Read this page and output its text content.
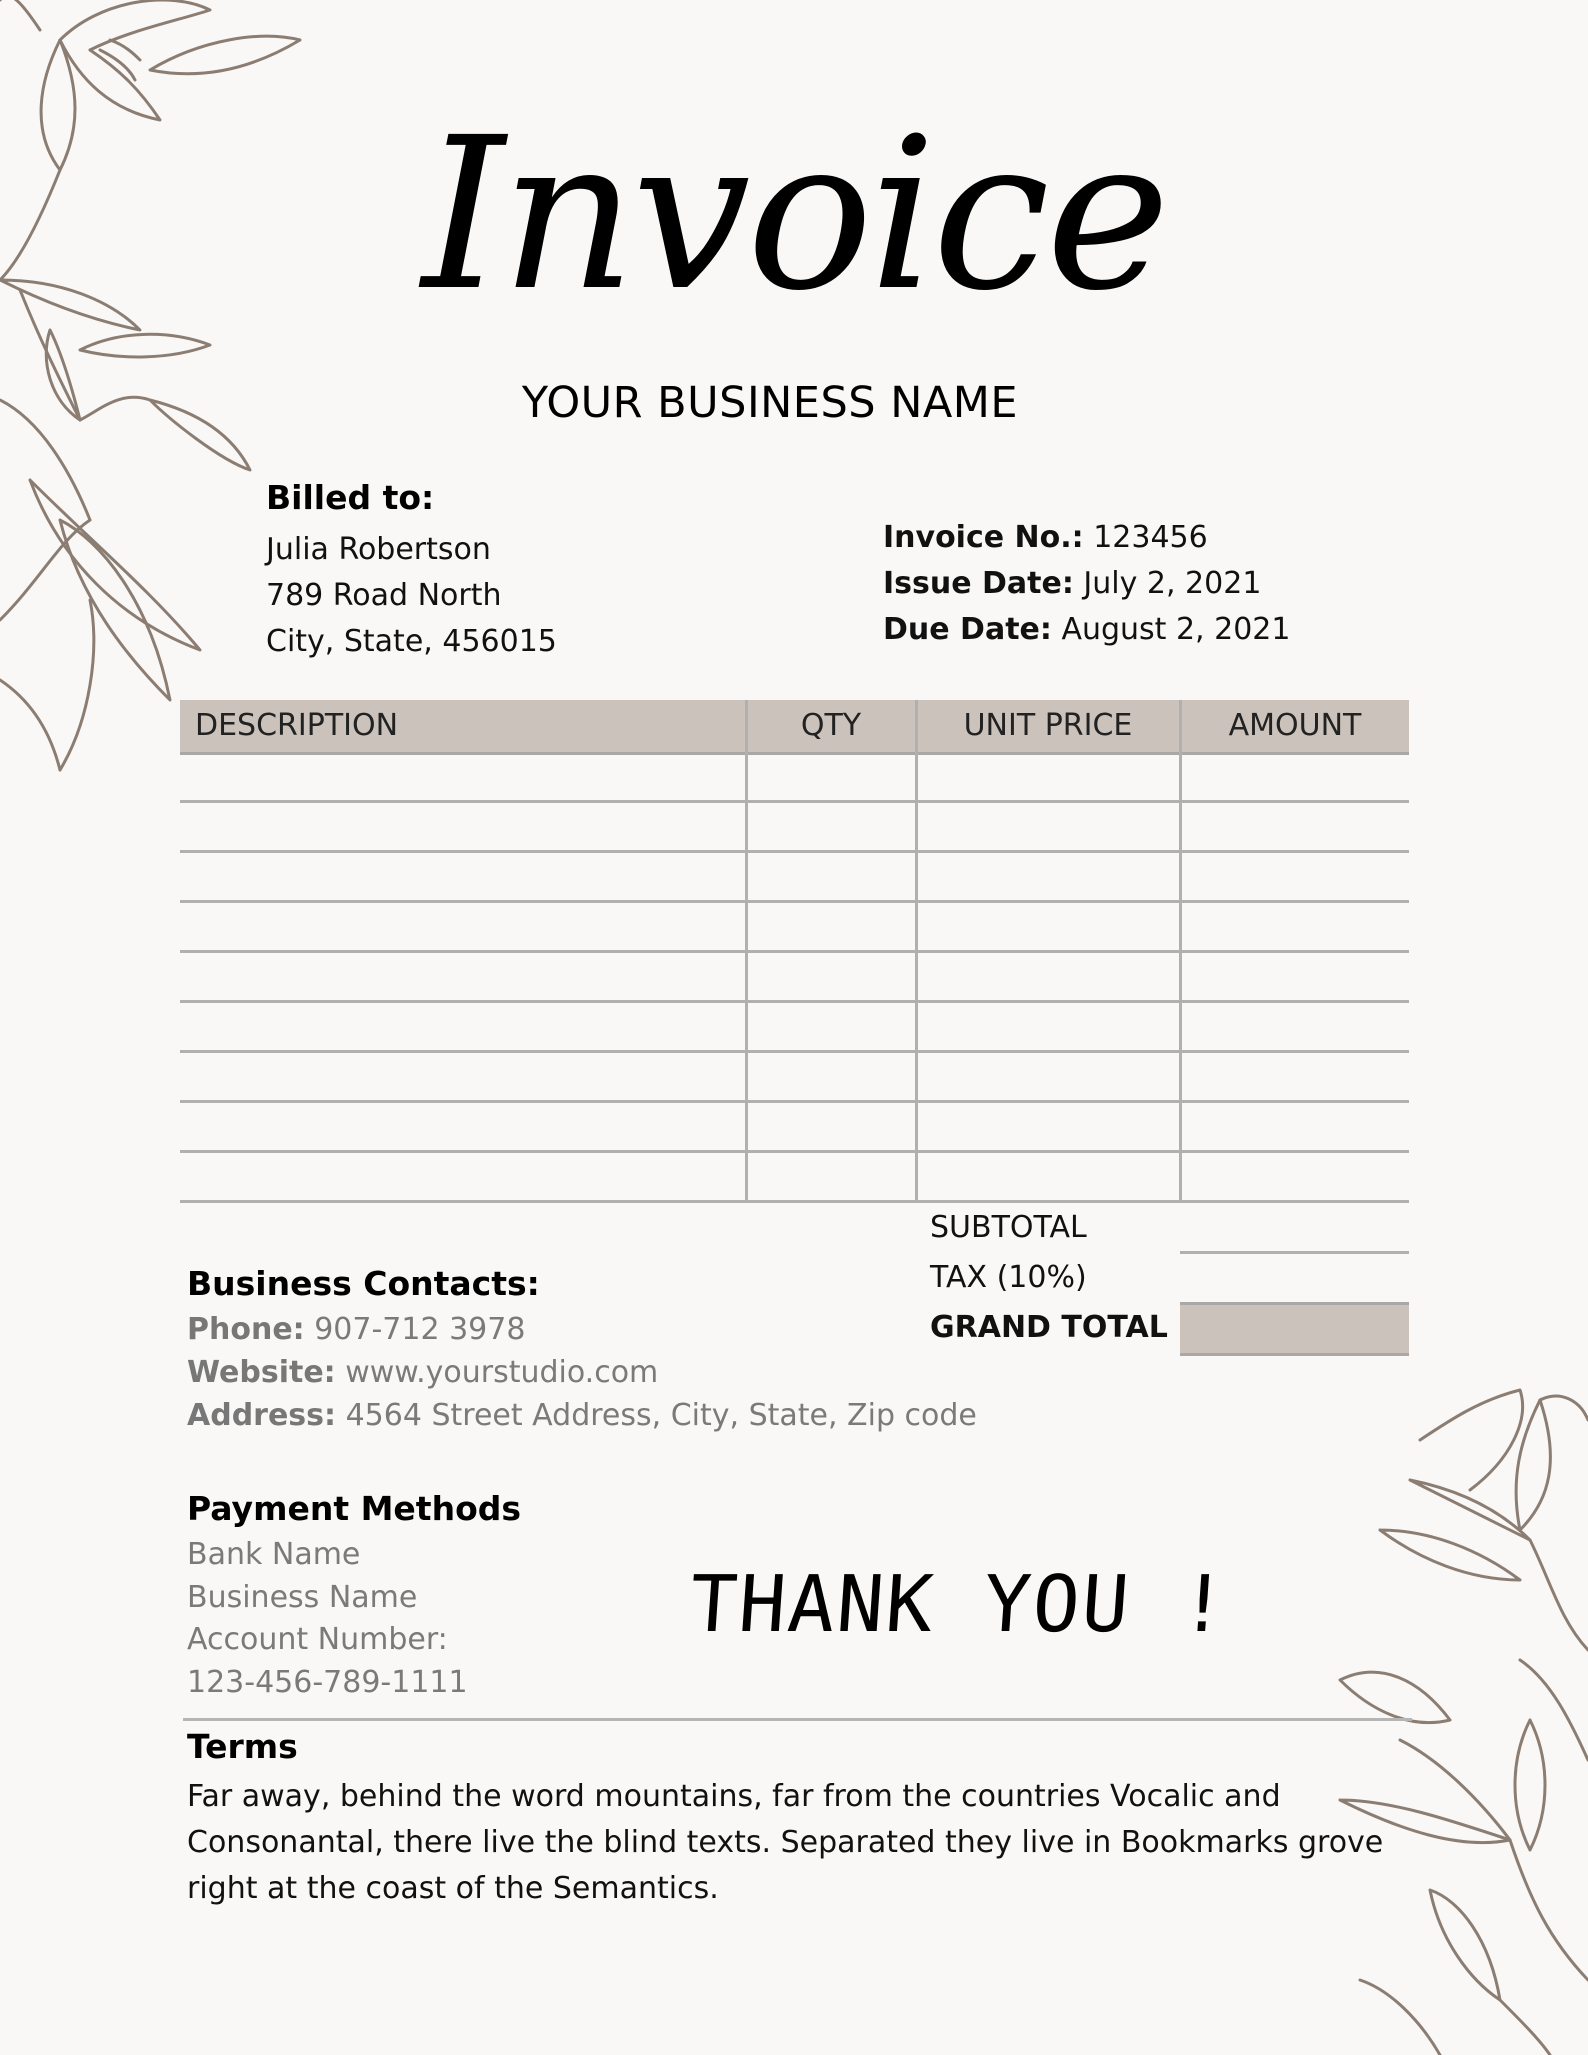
Invoice
YOUR BUSINESS NAME
Billed to:
Julia Robertson
789 Road North
City, State, 456015
Invoice No.: 123456
Issue Date: July 2, 2021
Due Date: August 2, 2021
DESCRIPTION	QTY	UNIT PRICE	AMOUNT
SUBTOTAL
TAX (10%)
GRAND TOTAL
Business Contacts:
Phone: 907-712 3978
Website: www.yourstudio.com
Address: 4564 Street Address, City, State, Zip code
Payment Methods
Bank Name
Business Name
Account Number:
123-456-789-1111
THANK YOU !
Terms
Far away, behind the word mountains, far from the countries Vocalic and Consonantal, there live the blind texts. Separated they live in Bookmarks grove right at the coast of the Semantics.
